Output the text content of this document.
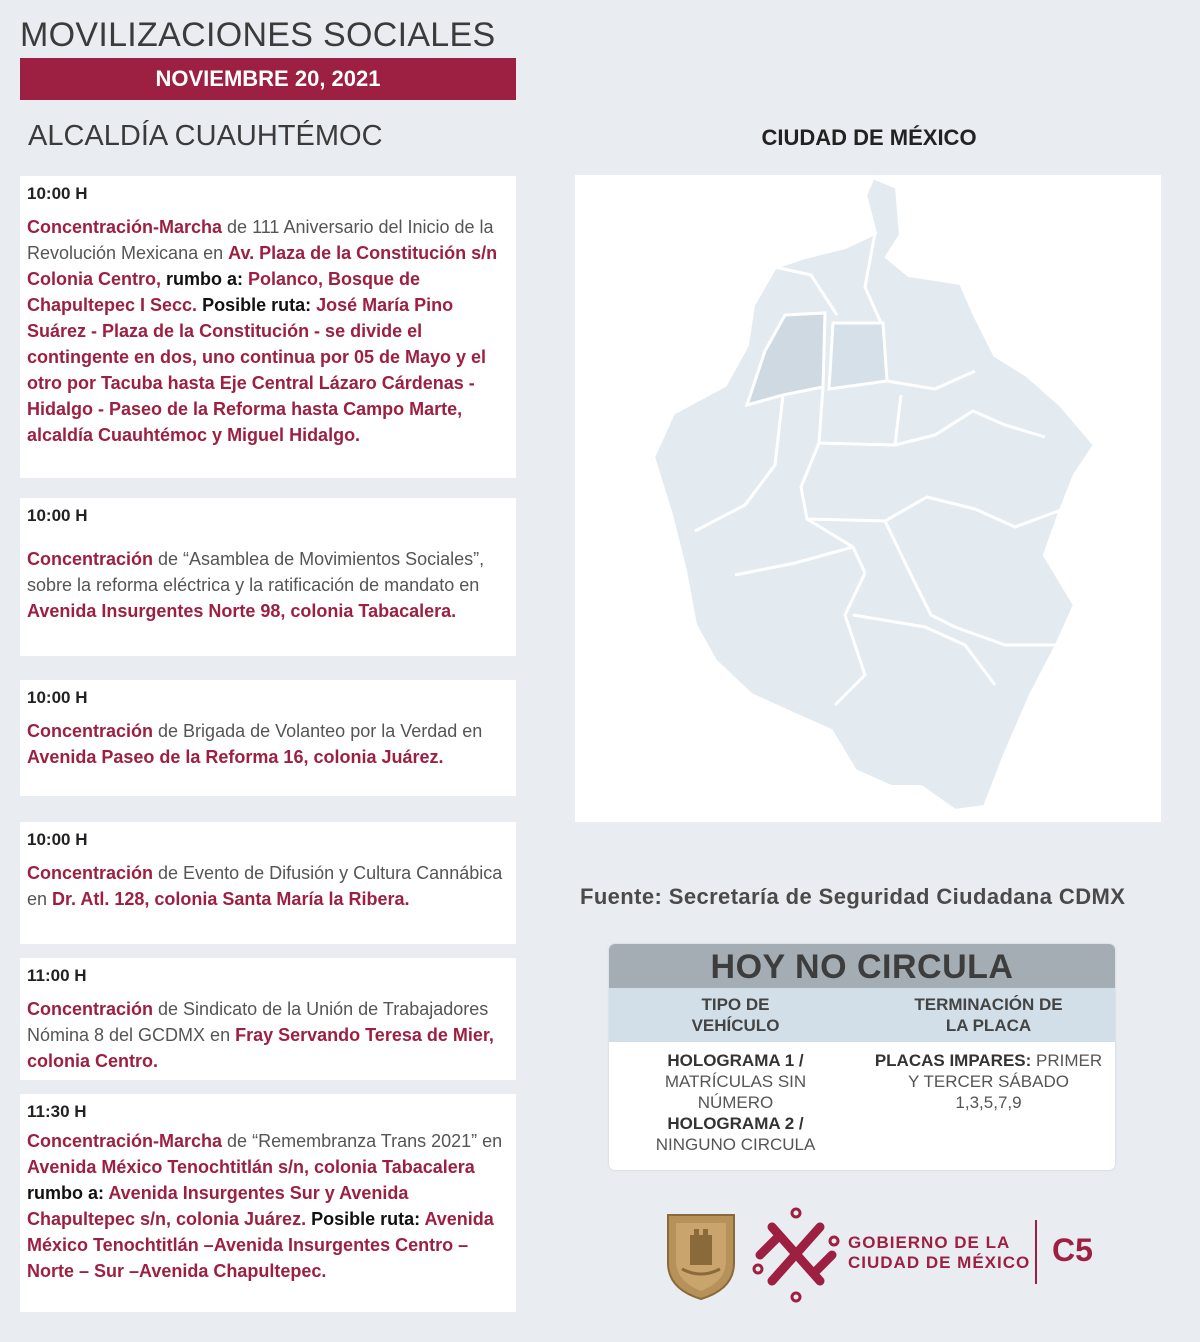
MOVILIZACIONES SOCIALES
NOVIEMBRE 20, 2021
ALCALDÍA CUAUHTÉMOC
10:00 H
Concentración-Marcha de 111 Aniversario del Inicio de la Revolución Mexicana en Av. Plaza de la Constitución s/n Colonia Centro, rumbo a: Polanco, Bosque de Chapultepec I Secc. Posible ruta: José María Pino Suárez - Plaza de la Constitución - se divide el contingente en dos, uno continua por 05 de Mayo y el otro por Tacuba hasta Eje Central Lázaro Cárdenas - Hidalgo - Paseo de la Reforma hasta Campo Marte, alcaldía Cuauhtémoc y Miguel Hidalgo.
10:00 H
Concentración de “Asamblea de Movimientos Sociales”, sobre la reforma eléctrica y la ratificación de mandato en Avenida Insurgentes Norte 98, colonia Tabacalera.
10:00 H
Concentración de Brigada de Volanteo por la Verdad en Avenida Paseo de la Reforma 16, colonia Juárez.
10:00 H
Concentración de Evento de Difusión y Cultura Cannábica en Dr. Atl. 128, colonia Santa María la Ribera.
11:00 H
Concentración de Sindicato de la Unión de Trabajadores Nómina 8 del GCDMX en Fray Servando Teresa de Mier, colonia Centro.
11:30 H
Concentración-Marcha de “Remembranza Trans 2021” en Avenida México Tenochtitlán s/n, colonia Tabacalera rumbo a: Avenida Insurgentes Sur y Avenida Chapultepec s/n, colonia Juárez. Posible ruta: Avenida México Tenochtitlán –Avenida Insurgentes Centro – Norte – Sur –Avenida Chapultepec.
CIUDAD DE MÉXICO
Fuente: Secretaría de Seguridad Ciudadana CDMX
HOY NO CIRCULA
TIPO DE
VEHÍCULO
TERMINACIÓN DE
LA PLACA
HOLOGRAMA 1 /
MATRÍCULAS SIN
NÚMERO
HOLOGRAMA 2 /
NINGUNO CIRCULA
PLACAS IMPARES: PRIMER
Y TERCER SÁBADO
1,3,5,7,9
GOBIERNO DE LA
CIUDAD DE MÉXICO C5
